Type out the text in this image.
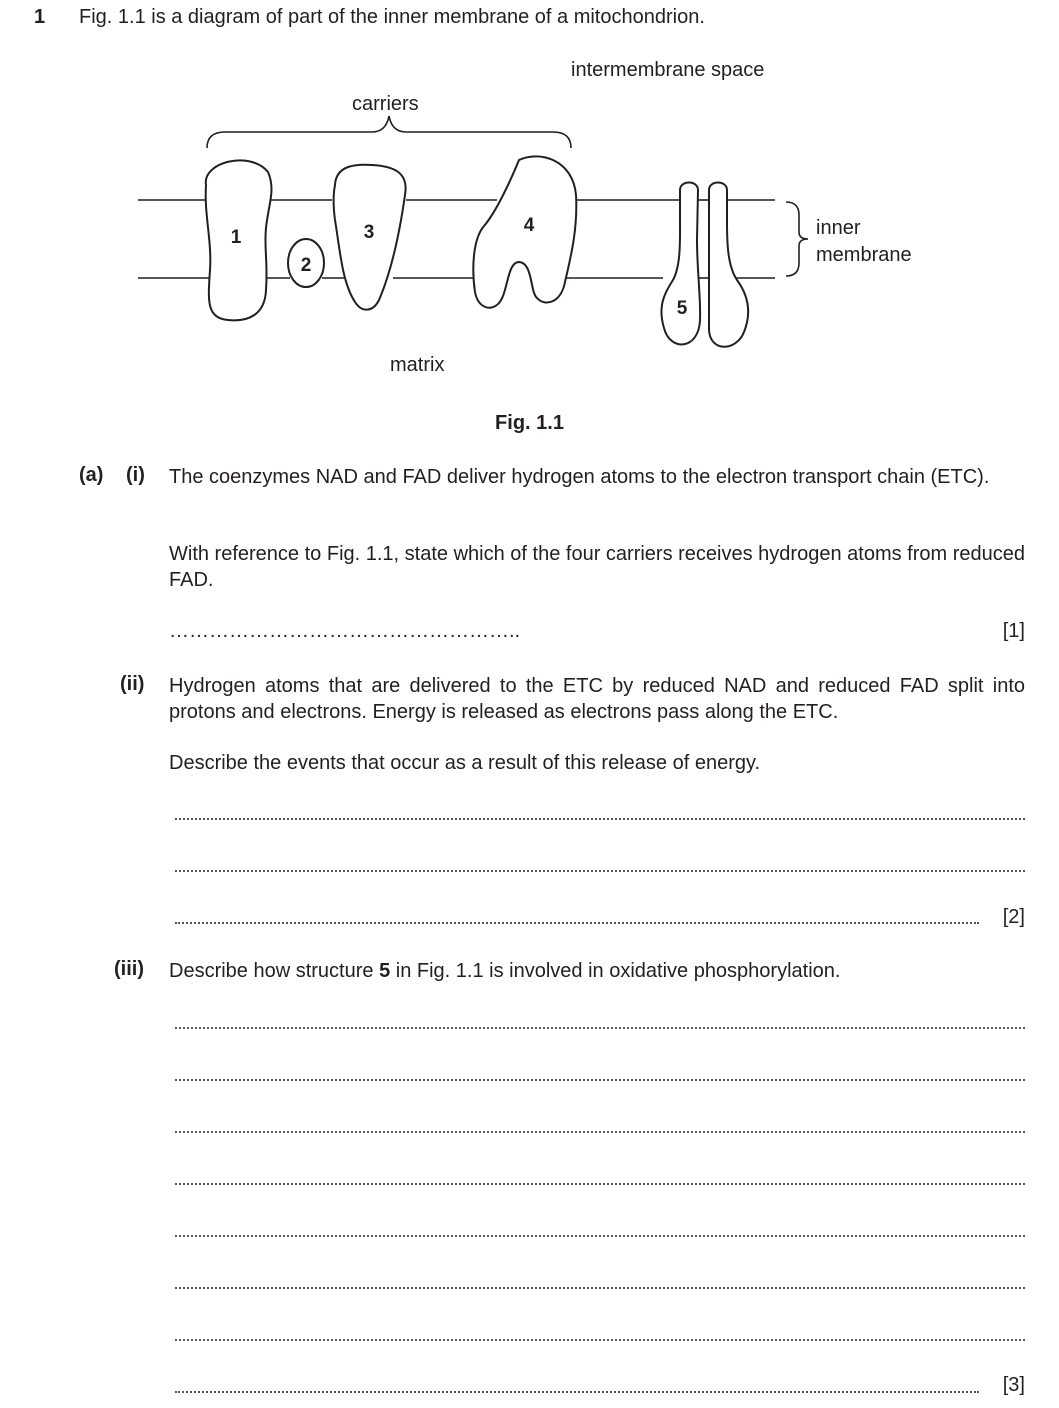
1 Fig. 1.1 is a diagram of part of the inner membrane of a mitochondrion.
intermembrane space
carriers
inner
membrane
matrix
1
2
3	4
5
Fig. 1.1
(a) (i) The coenzymes NAD and FAD deliver hydrogen atoms to the electron transport chain (ETC).
With reference to Fig. 1.1, state which of the four carriers receives hydrogen atoms from reduced FAD.
……………………………………………..	[1]
(ii) Hydrogen atoms that are delivered to the ETC by reduced NAD and reduced FAD split into protons and electrons. Energy is released as electrons pass along the ETC.
Describe the events that occur as a result of this release of energy.
[2]
(iii) Describe how structure 5 in Fig. 1.1 is involved in oxidative phosphorylation.
[3]
